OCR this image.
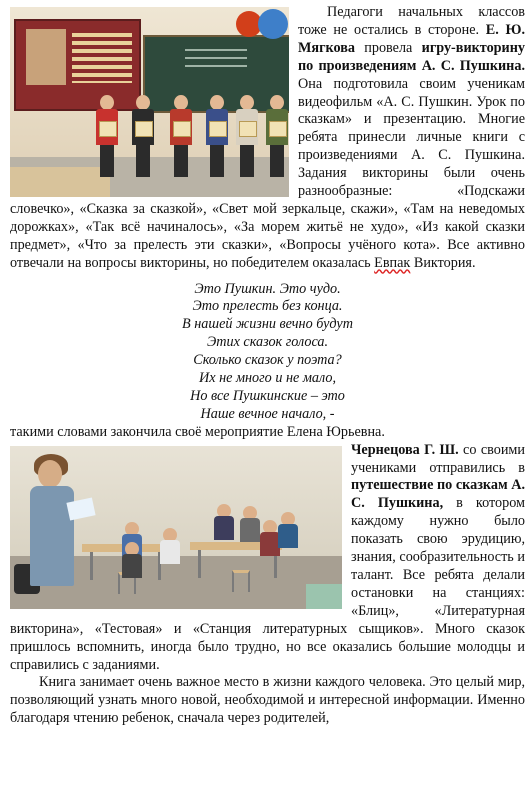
Педагоги начальных классов тоже не остались в стороне. Е. Ю. Мягкова провела игру-викторину по произведениям А. С. Пушкина. Она подготовила своим ученикам видеофильм «А. С. Пушкин. Урок по сказкам» и презентацию. Многие ребята принесли личные книги с произведениями А. С. Пушкина. Задания викторины были очень разнообразные: «Подскажи словечко», «Сказка за сказкой», «Свет мой зеркальце, скажи», «Там на неведомых дорожках», «Так всё начиналось», «За морем житьё не худо», «Из какой сказки предмет», «Что за прелесть эти сказки», «Вопросы учёного кота». Все активно отвечали на вопросы викторины, но победителем оказалась Евпак Виктория.

Это Пушкин. Это чудо.
Это прелесть без конца.
В нашей жизни вечно будут
Этих сказок голоса.
Сколько сказок у поэта?
Их не много и не мало,
Но все Пушкинские – это
Наше вечное начало, -

такими словами закончила своё мероприятие Елена Юрьевна.

Чернецова Г. Ш. со своими учениками отправились в путешествие по сказкам А. С. Пушкина, в котором каждому нужно было показать свою эрудицию, знания, сообразительность и талант. Все ребята делали остановки на станциях: «Блиц», «Литературная викторина», «Тестовая» и «Станция литературных сыщиков». Много сказок пришлось вспомнить, иногда было трудно, но все оказались большие молодцы и справились с заданиями.

Книга занимает очень важное место в жизни каждого человека. Это целый мир, позволяющий узнать много новой, необходимой и интересной информации. Именно благодаря чтению ребенок, сначала через родителей,
